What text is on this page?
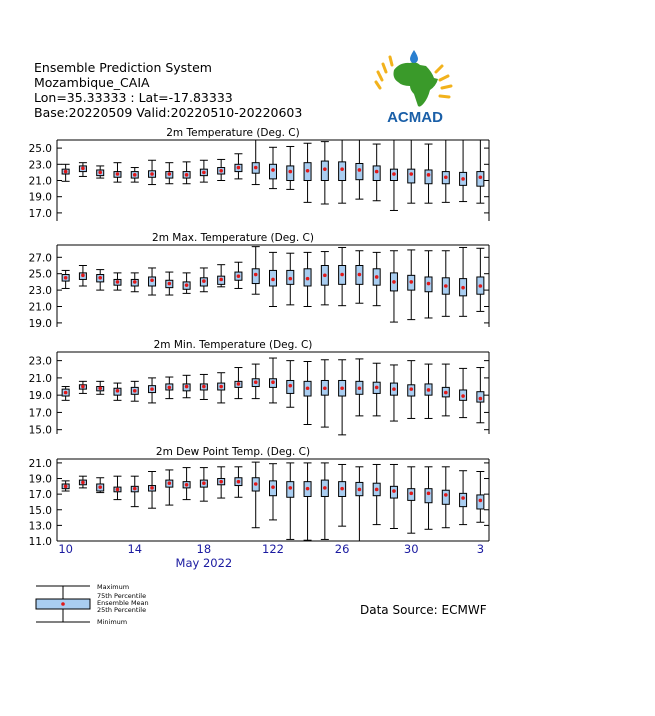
Ensemble Prediction System
Mozambique_CAIA
Lon=35.33333 : Lat=-17.83333
Base:20220509 Valid:20220510-20220603	ACMAD
2m Temperature (Deg. C)
25.0
23.0
21.0
19.0
17.0
2m Max. Temperature (Deg. C)
27.0
25.0
23.0
21.0
19.0
2m Min. Temperature (Deg. C)
23.0
21.0
19.0
17.0
15.0
2m Dew Point Temp. (Deg. C)
21.0
19.0
17.0
15.0
13.0
11.0 10	14	18	122	26	30	3
May 2022
Data Source: ECMWF
Maximum
75th Percentile
Ensemble Mean
25th Percentile
Minimum
